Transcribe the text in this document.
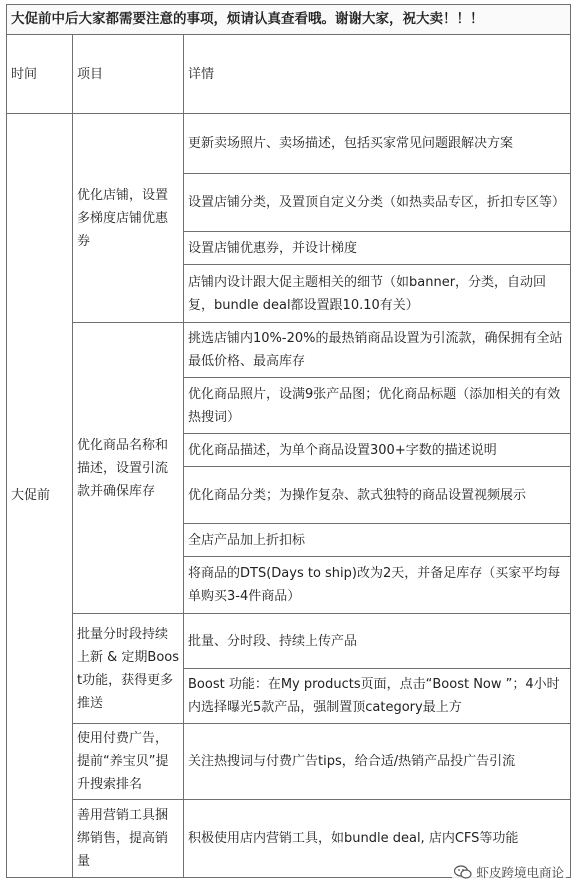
大促前中后大家都需要注意的事项，烦请认真查看哦。谢谢大家，祝大卖！！！		
时间	项目	详情
大促前	优化店铺，设置多梯度店铺优惠券	更新卖场照片、卖场描述，包括买家常见问题跟解决方案
		设置店铺分类，及置顶自定义分类（如热卖品专区，折扣专区等）
		设置店铺优惠券，并设计梯度
		店铺内设计跟大促主题相关的细节（如banner，分类，自动回复，bundle deal都设置跟10.10有关）
	优化商品名称和描述，设置引流款并确保库存	挑选店铺内10%-20%的最热销商品设置为引流款，确保拥有全站最低价格、最高库存
		优化商品照片，设满9张产品图；优化商品标题（添加相关的有效热搜词）
		优化商品描述，为单个商品设置300+字数的描述说明
		优化商品分类；为操作复杂、款式独特的商品设置视频展示
		全店产品加上折扣标
		将商品的DTS(Days to ship)改为2天，并备足库存（买家平均每单购买3-4件商品）
	批量分时段持续上新 & 定期Boost功能，获得更多推送	批量、分时段、持续上传产品
		Boost 功能：在My products页面，点击“Boost Now ”；4小时内选择曝光5款产品，强制置顶category最上方
	使用付费广告，提前“养宝贝”提升搜索排名	关注热搜词与付费广告tips，给合适/热销产品投广告引流
	善用营销工具捆绑销售，提高销量	积极使用店内营销工具，如bundle deal, 店内CFS等功能
虾皮跨境电商论
